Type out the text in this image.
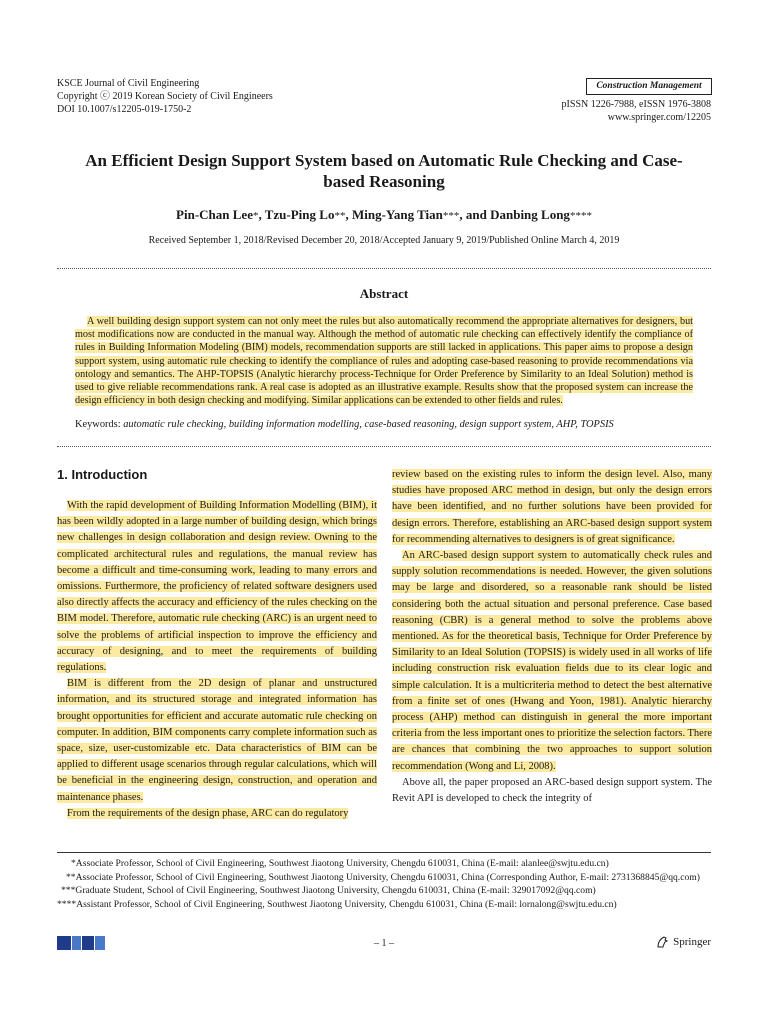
KSCE Journal of Civil Engineering
Copyright ⓒ 2019 Korean Society of Civil Engineers
DOI 10.1007/s12205-019-1750-2
Construction Management
pISSN 1226-7988, eISSN 1976-3808
www.springer.com/12205
An Efficient Design Support System based on Automatic Rule Checking and Case-based Reasoning
Pin-Chan Lee*, Tzu-Ping Lo**, Ming-Yang Tian***, and Danbing Long****
Received September 1, 2018/Revised December 20, 2018/Accepted January 9, 2019/Published Online March 4, 2019
Abstract

A well building design support system can not only meet the rules but also automatically recommend the appropriate alternatives for designers, but most modifications now are conducted in the manual way. Although the method of automatic rule checking can effectively identify the compliance of rules in Building Information Modeling (BIM) models, recommendation supports are still lacked in applications. This paper aims to propose a design support system, using automatic rule checking to identify the compliance of rules and adopting case-based reasoning to provide recommendations via ontology and semantics. The AHP-TOPSIS (Analytic hierarchy process-Technique for Order Preference by Similarity to an Ideal Solution) method is used to give reliable recommendations rank. A real case is adopted as an illustrative example. Results show that the proposed system can increase the design efficiency in both design checking and modifying. Similar applications can be extended to other fields and rules.

Keywords: automatic rule checking, building information modelling, case-based reasoning, design support system, AHP, TOPSIS
1. Introduction

With the rapid development of Building Information Modelling (BIM), it has been wildly adopted in a large number of building design, which brings new challenges in design collaboration and design review. Owning to the complicated architectural rules and regulations, the manual review has become a difficult and time-consuming work, leading to many errors and omissions. Furthermore, the proficiency of related software designers used also directly affects the accuracy and efficiency of the rules checking on the BIM model. Therefore, automatic rule checking (ARC) is an urgent need to solve the problems of artificial inspection to improve the efficiency and accuracy of designing, and to meet the requirements of building regulations.

BIM is different from the 2D design of planar and unstructured information, and its structured storage and integrated information has brought opportunities for efficient and accurate automatic rule checking on computer. In addition, BIM components carry complete information such as space, size, user-customizable etc. Data characteristics of BIM can be applied to different usage scenarios through regular calculations, which will be beneficial in the engineering design, construction, and operation and maintenance phases.

From the requirements of the design phase, ARC can do regulatory

review based on the existing rules to inform the design level. Also, many studies have proposed ARC method in design, but only the design errors have been identified, and no further solutions have been provided for design errors. Therefore, establishing an ARC-based design support system for recommending alternatives to designers is of great significance.

An ARC-based design support system to automatically check rules and supply solution recommendations is needed. However, the given solutions may be large and disordered, so a reasonable rank should be listed considering both the actual situation and personal preference. Case based reasoning (CBR) is a general method to solve the problems above mentioned. As for the theoretical basis, Technique for Order Preference by Similarity to an Ideal Solution (TOPSIS) is widely used in all works of life including construction risk evaluation fields due to its clear logic and simple calculation. It is a multicriteria method to detect the best alternative from a finite set of ones (Hwang and Yoon, 1981). Analytic hierarchy process (AHP) method can distinguish in general the more important criteria from the less important ones to prioritize the selection factors. There are chances that combining the two approaches to support solution recommendation (Wong and Li, 2008).

Above all, the paper proposed an ARC-based design support system. The Revit API is developed to check the integrity of

*Associate Professor, School of Civil Engineering, Southwest Jiaotong University, Chengdu 610031, China (E-mail: alanlee@swjtu.edu.cn)
**Associate Professor, School of Civil Engineering, Southwest Jiaotong University, Chengdu 610031, China (Corresponding Author, E-mail: 2731368845@qq.com)
***Graduate Student, School of Civil Engineering, Southwest Jiaotong University, Chengdu 610031, China (E-mail: 329017092@qq.com)
****Assistant Professor, School of Civil Engineering, Southwest Jiaotong University, Chengdu 610031, China (E-mail: lornalong@swjtu.edu.cn)
– 1 –	Springer
